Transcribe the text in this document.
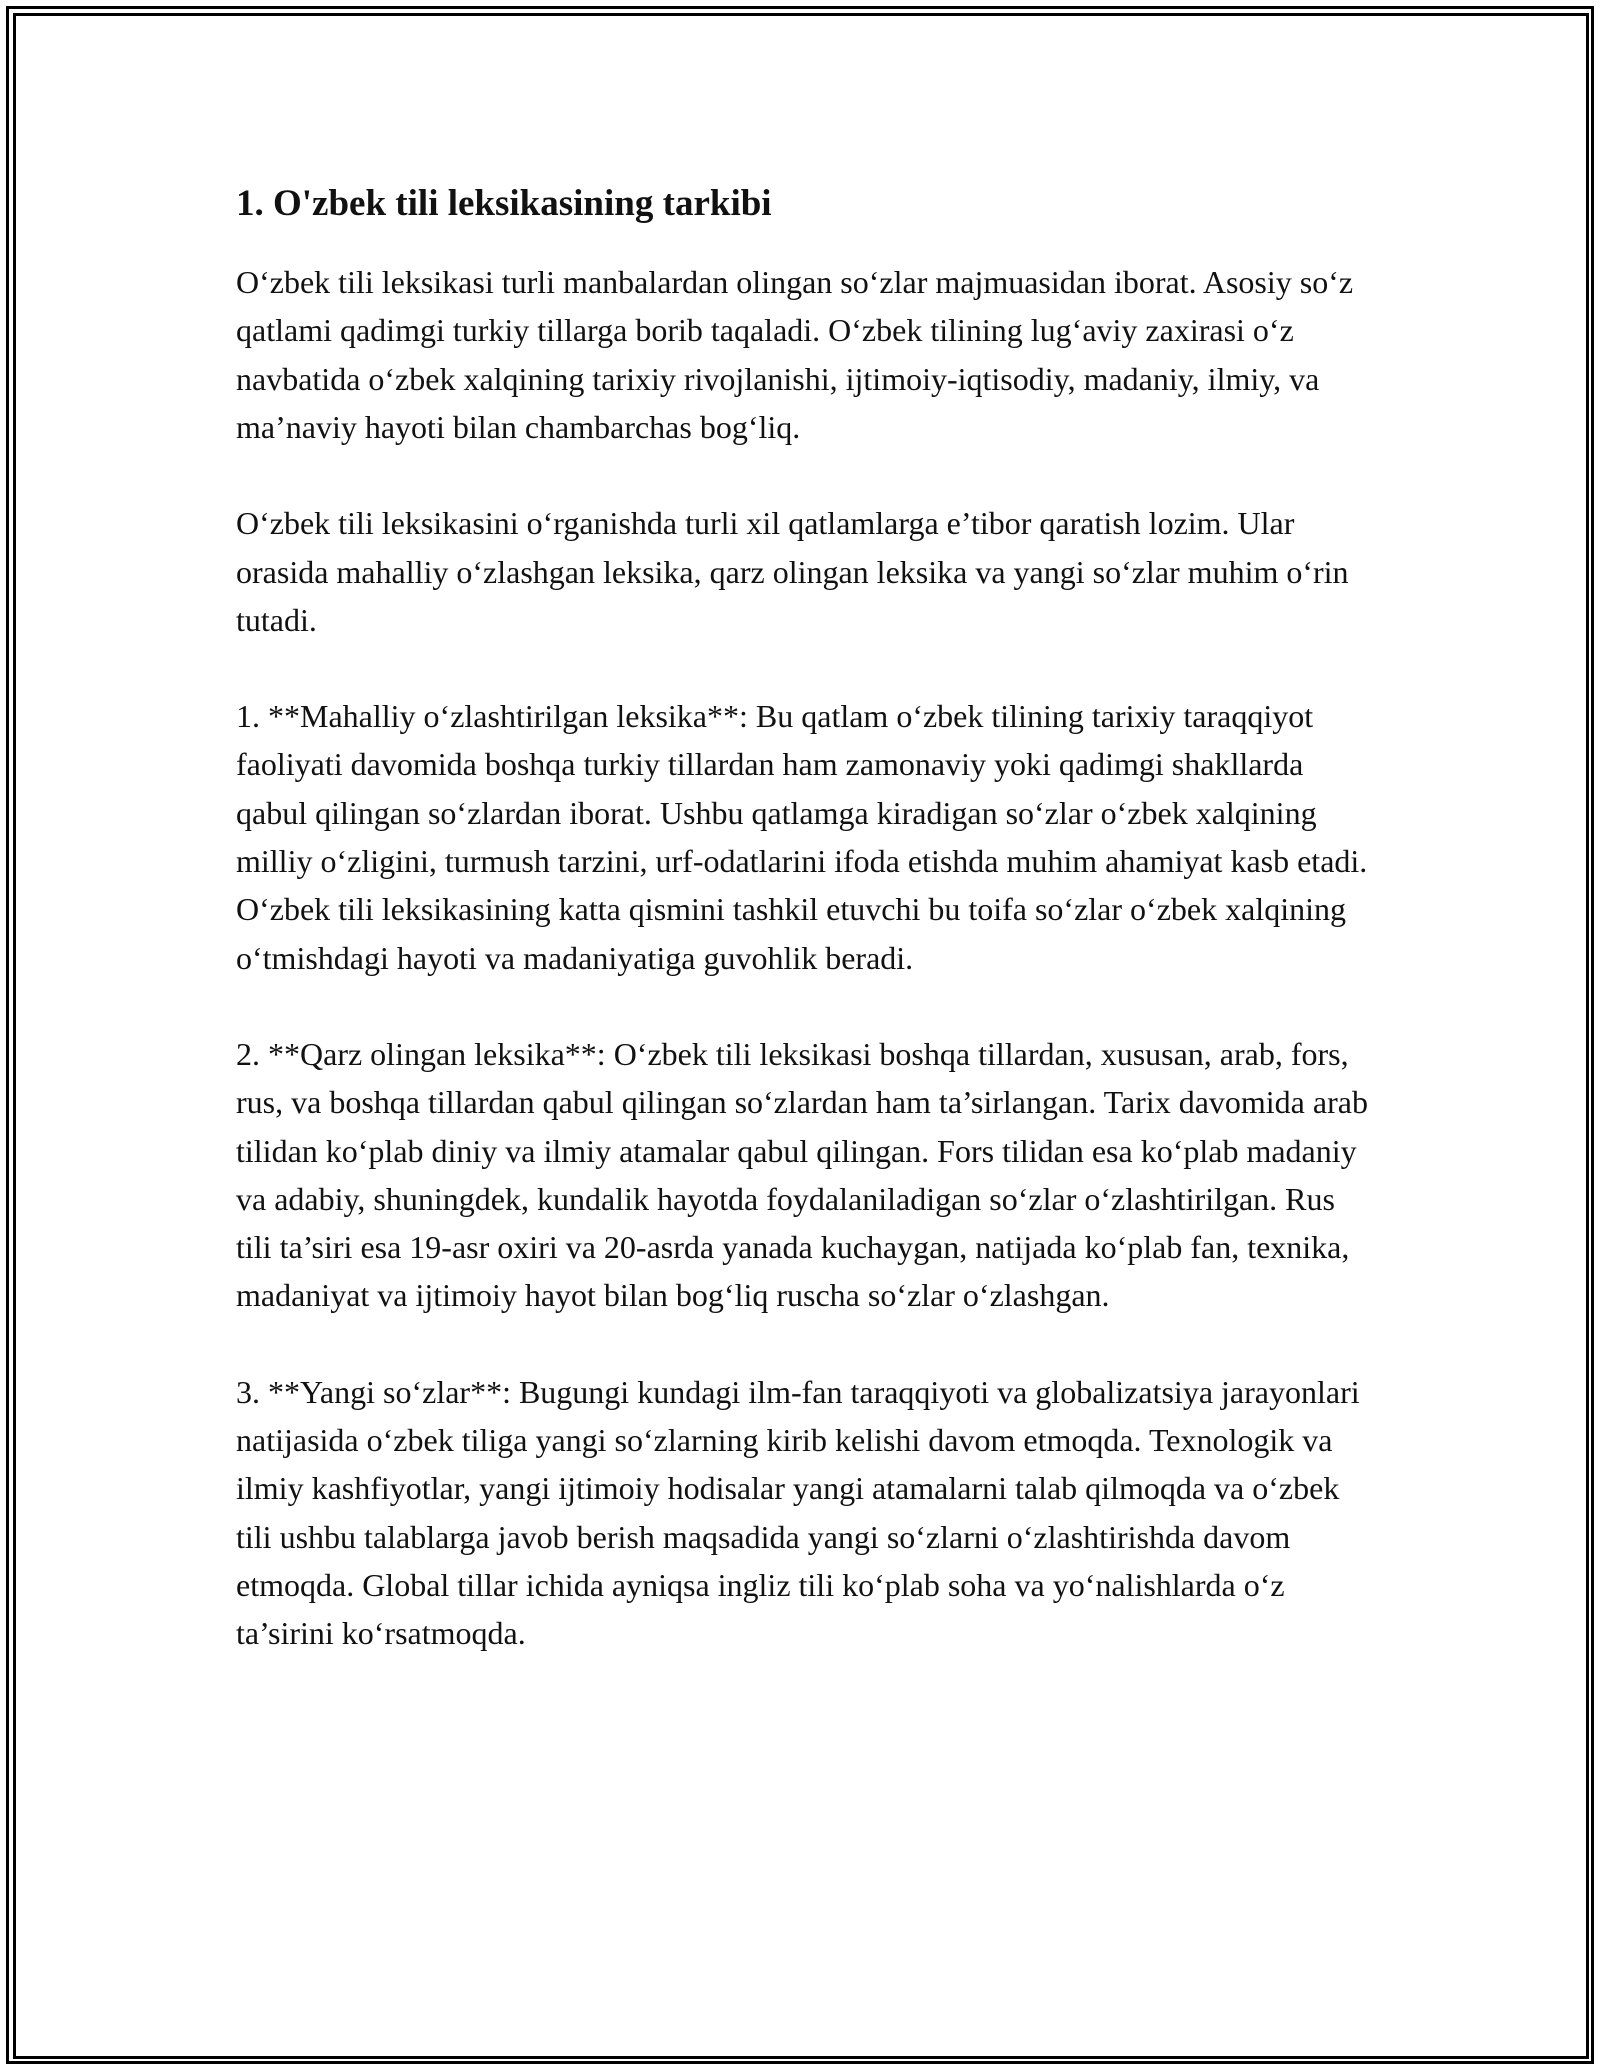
1. O'zbek tili leksikasining tarkibi

O‘zbek tili leksikasi turli manbalardan olingan so‘zlar majmuasidan iborat. Asosiy so‘z qatlami qadimgi turkiy tillarga borib taqaladi. O‘zbek tilining lug‘aviy zaxirasi o‘z navbatida o‘zbek xalqining tarixiy rivojlanishi, ijtimoiy-iqtisodiy, madaniy, ilmiy, va ma’naviy hayoti bilan chambarchas bog‘liq.

O‘zbek tili leksikasini o‘rganishda turli xil qatlamlarga e’tibor qaratish lozim. Ular orasida mahalliy o‘zlashgan leksika, qarz olingan leksika va yangi so‘zlar muhim o‘rin tutadi.

1. **Mahalliy o‘zlashtirilgan leksika**: Bu qatlam o‘zbek tilining tarixiy taraqqiyot faoliyati davomida boshqa turkiy tillardan ham zamonaviy yoki qadimgi shakllarda qabul qilingan so‘zlardan iborat. Ushbu qatlamga kiradigan so‘zlar o‘zbek xalqining milliy o‘zligini, turmush tarzini, urf-odatlarini ifoda etishda muhim ahamiyat kasb etadi. O‘zbek tili leksikasining katta qismini tashkil etuvchi bu toifa so‘zlar o‘zbek xalqining o‘tmishdagi hayoti va madaniyatiga guvohlik beradi.

2. **Qarz olingan leksika**: O‘zbek tili leksikasi boshqa tillardan, xususan, arab, fors, rus, va boshqa tillardan qabul qilingan so‘zlardan ham ta’sirlangan. Tarix davomida arab tilidan ko‘plab diniy va ilmiy atamalar qabul qilingan. Fors tilidan esa ko‘plab madaniy va adabiy, shuningdek, kundalik hayotda foydalaniladigan so‘zlar o‘zlashtirilgan. Rus tili ta’siri esa 19-asr oxiri va 20-asrda yanada kuchaygan, natijada ko‘plab fan, texnika, madaniyat va ijtimoiy hayot bilan bog‘liq ruscha so‘zlar o‘zlashgan.

3. **Yangi so‘zlar**: Bugungi kundagi ilm-fan taraqqiyoti va globalizatsiya jarayonlari natijasida o‘zbek tiliga yangi so‘zlarning kirib kelishi davom etmoqda. Texnologik va ilmiy kashfiyotlar, yangi ijtimoiy hodisalar yangi atamalarni talab qilmoqda va o‘zbek tili ushbu talablarga javob berish maqsadida yangi so‘zlarni o‘zlashtirishda davom etmoqda. Global tillar ichida ayniqsa ingliz tili ko‘plab soha va yo‘nalishlarda o‘z ta’sirini ko‘rsatmoqda.
